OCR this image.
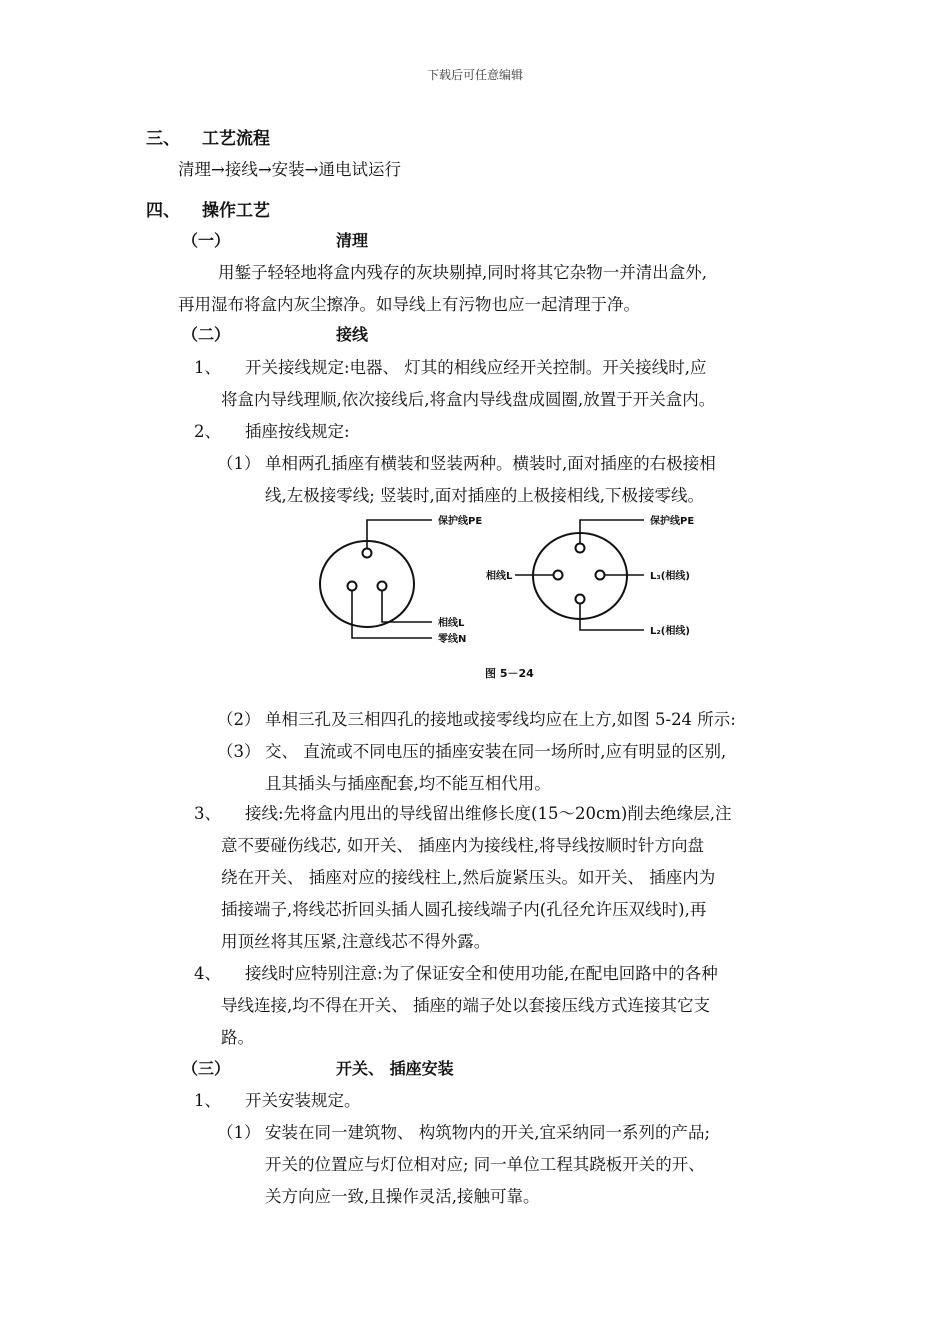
下载后可任意编辑
三、 工艺流程
清理→接线→安装→通电试运行
四、 操作工艺
（一）	清理
用錾子轻轻地将盒内残存的灰块剔掉,同时将其它杂物一并清出盒外,
再用湿布将盒内灰尘擦净。如导线上有污物也应一起清理于净。
（二）	接线
1、 开关接线规定:电器、 灯其的相线应经开关控制。开关接线时,应
将盒内导线理顺,依次接线后,将盒内导线盘成圆圈,放置于开关盒内。
2、 插座按线规定:
（1） 单相两孔插座有横装和竖装两种。横装时,面对插座的右极接相
线,左极接零线; 竖装时,面对插座的上极接相线,下极接零线。
保护线PE
相线L
零线N
保护线PE
相线L	L₃(相线)
L₂(相线)
图 5－24
（2） 单相三孔及三相四孔的接地或接零线均应在上方,如图 5-24 所示:
（3） 交、 直流或不同电压的插座安装在同一场所时,应有明显的区别,
且其插头与插座配套,均不能互相代用。
3、 接线:先将盒内甩出的导线留出维修长度(15～20cm)削去绝缘层,注
意不要碰伤线芯, 如开关、 插座内为接线柱,将导线按顺时针方向盘
绕在开关、 插座对应的接线柱上,然后旋紧压头。如开关、 插座内为
插接端子,将线芯折回头插人圆孔接线端子内(孔径允许压双线时),再
用顶丝将其压紧,注意线芯不得外露。
4、 接线时应特别注意:为了保证安全和使用功能,在配电回路中的各种
导线连接,均不得在开关、 插座的端子处以套接压线方式连接其它支
路。
（三）	开关、 插座安装
1、 开关安装规定。
（1） 安装在同一建筑物、 构筑物内的开关,宜采纳同一系列的产品;
开关的位置应与灯位相对应; 同一单位工程其跷板开关的开、
关方向应一致,且操作灵活,接触可靠。
